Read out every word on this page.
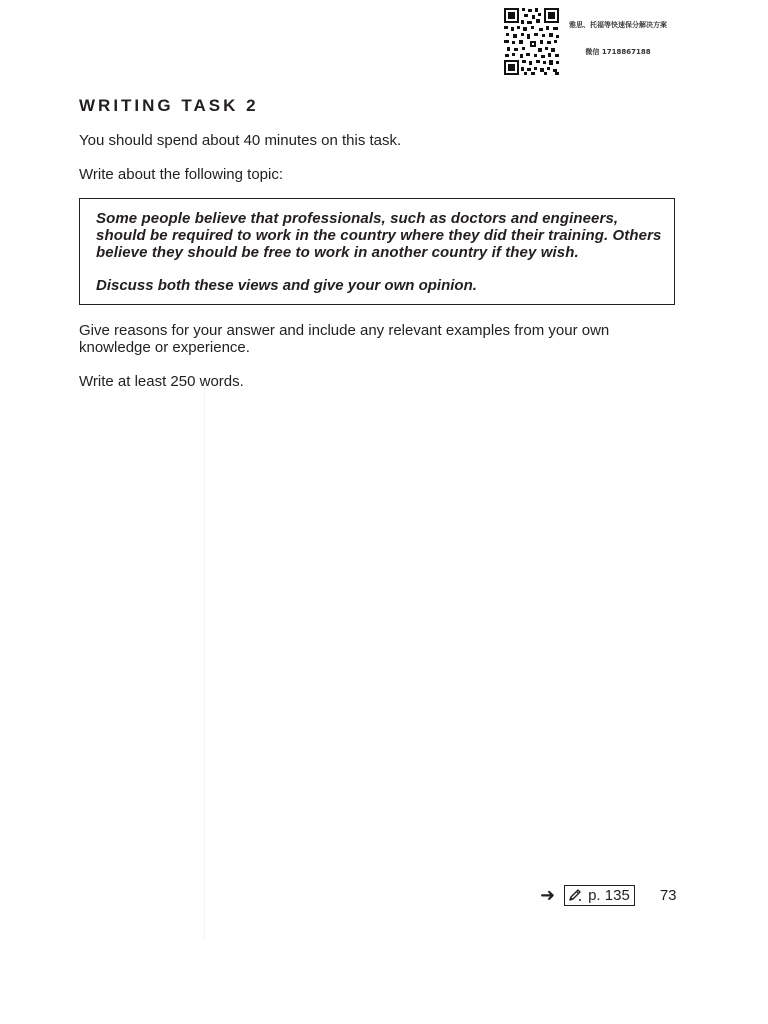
雅思、托福等快速保分解决方案
微信 1718867188
WRITING TASK 2

You should spend about 40 minutes on this task.

Write about the following topic:

Some people believe that professionals, such as doctors and engineers, should be required to work in the country where they did their training. Others believe they should be free to work in another country if they wish.

Discuss both these views and give your own opinion.

Give reasons for your answer and include any relevant examples from your own knowledge or experience.

Write at least 250 words.

➜ p. 135 73
